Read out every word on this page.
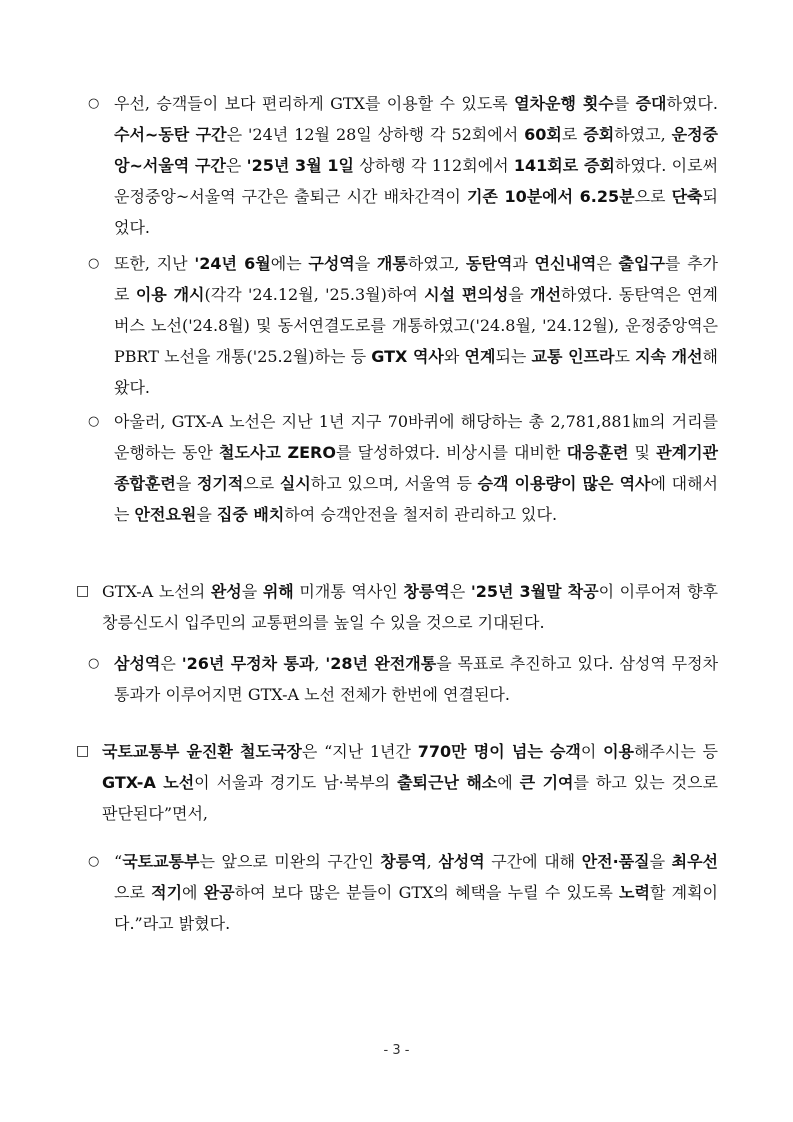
○ 우선, 승객들이 보다 편리하게 GTX를 이용할 수 있도록 열차운행 횟수를 증대하였다. 수서~동탄 구간은 '24년 12월 28일 상하행 각 52회에서 60회로 증회하였고, 운정중앙~서울역 구간은 '25년 3월 1일 상하행 각 112회에서 141회로 증회하였다. 이로써 운정중앙~서울역 구간은 출퇴근 시간 배차간격이 기존 10분에서 6.25분으로 단축되었다.
○ 또한, 지난 '24년 6월에는 구성역을 개통하였고, 동탄역과 연신내역은 출입구를 추가로 이용 개시(각각 '24.12월, '25.3월)하여 시설 편의성을 개선하였다. 동탄역은 연계버스 노선('24.8월) 및 동서연결도로를 개통하였고('24.8월, '24.12월), 운정중앙역은 PBRT 노선을 개통('25.2월)하는 등 GTX 역사와 연계되는 교통 인프라도 지속 개선해왔다.
○ 아울러, GTX-A 노선은 지난 1년 지구 70바퀴에 해당하는 총 2,781,881㎞의 거리를 운행하는 동안 철도사고 ZERO를 달성하였다. 비상시를 대비한 대응훈련 및 관계기관 종합훈련을 정기적으로 실시하고 있으며, 서울역 등 승객 이용량이 많은 역사에 대해서는 안전요원을 집중 배치하여 승객안전을 철저히 관리하고 있다.
□ GTX-A 노선의 완성을 위해 미개통 역사인 창릉역은 '25년 3월말 착공이 이루어져 향후 창릉신도시 입주민의 교통편의를 높일 수 있을 것으로 기대된다.
○ 삼성역은 '26년 무정차 통과, '28년 완전개통을 목표로 추진하고 있다. 삼성역 무정차 통과가 이루어지면 GTX-A 노선 전체가 한번에 연결된다.
□ 국토교통부 윤진환 철도국장은 “지난 1년간 770만 명이 넘는 승객이 이용해주시는 등 GTX-A 노선이 서울과 경기도 남·북부의 출퇴근난 해소에 큰 기여를 하고 있는 것으로 판단된다”면서,
○ “국토교통부는 앞으로 미완의 구간인 창릉역, 삼성역 구간에 대해 안전·품질을 최우선으로 적기에 완공하여 보다 많은 분들이 GTX의 혜택을 누릴 수 있도록 노력할 계획이다.”라고 밝혔다.
- 3 -
